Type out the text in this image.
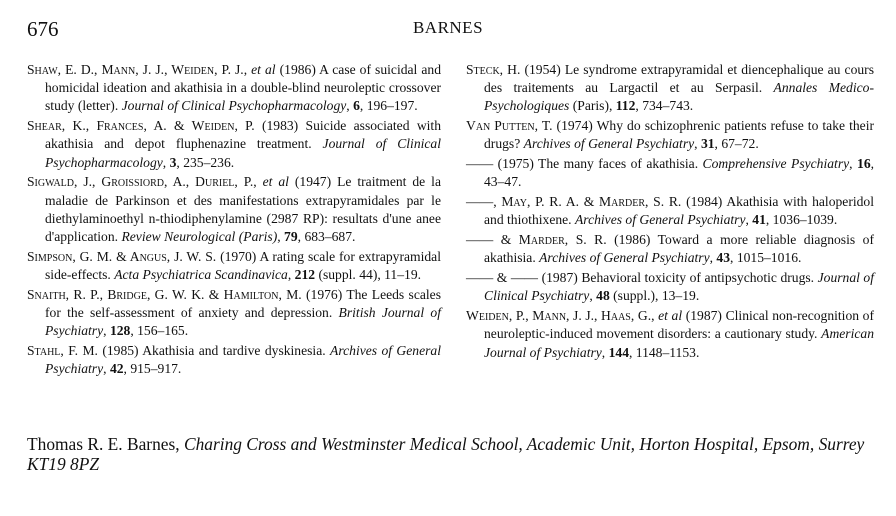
676	BARNES

Shaw, E. D., Mann, J. J., Weiden, P. J., et al (1986) A case of suicidal and homicidal ideation and akathisia in a double-blind neuroleptic crossover study (letter). Journal of Clinical Psychopharmacology, 6, 196–197.

Shear, K., Frances, A. & Weiden, P. (1983) Suicide associated with akathisia and depot fluphenazine treatment. Journal of Clinical Psychopharmacology, 3, 235–236.

Sigwald, J., Groissiord, A., Duriel, P., et al (1947) Le traitment de la maladie de Parkinson et des manifestations extrapyramidales par le diethylaminoethyl n-thiodiphenylamine (2987 RP): resultats d'une anee d'application. Review Neurological (Paris), 79, 683–687.

Simpson, G. M. & Angus, J. W. S. (1970) A rating scale for extrapyramidal side-effects. Acta Psychiatrica Scandinavica, 212 (suppl. 44), 11–19.

Snaith, R. P., Bridge, G. W. K. & Hamilton, M. (1976) The Leeds scales for the self-assessment of anxiety and depression. British Journal of Psychiatry, 128, 156–165.

Stahl, F. M. (1985) Akathisia and tardive dyskinesia. Archives of General Psychiatry, 42, 915–917.

Steck, H. (1954) Le syndrome extrapyramidal et diencephalique au cours des traitements au Largactil et au Serpasil. Annales Medico-Psychologiques (Paris), 112, 734–743.

Van Putten, T. (1974) Why do schizophrenic patients refuse to take their drugs? Archives of General Psychiatry, 31, 67–72.

—— (1975) The many faces of akathisia. Comprehensive Psychiatry, 16, 43–47.

——, May, P. R. A. & Marder, S. R. (1984) Akathisia with haloperidol and thiothixene. Archives of General Psychiatry, 41, 1036–1039.

—— & Marder, S. R. (1986) Toward a more reliable diagnosis of akathisia. Archives of General Psychiatry, 43, 1015–1016.

—— & —— (1987) Behavioral toxicity of antipsychotic drugs. Journal of Clinical Psychiatry, 48 (suppl.), 13–19.

Weiden, P., Mann, J. J., Haas, G., et al (1987) Clinical non-recognition of neuroleptic-induced movement disorders: a cautionary study. American Journal of Psychiatry, 144, 1148–1153.

Thomas R. E. Barnes, Charing Cross and Westminster Medical School, Academic Unit, Horton Hospital, Epsom, Surrey KT19 8PZ
